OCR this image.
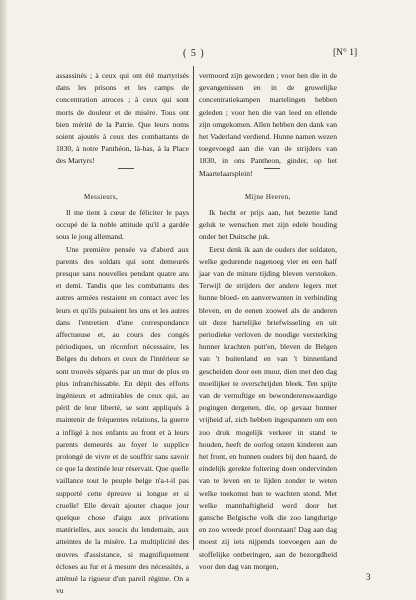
( 5 )	[N° 1]

assassinés ; à ceux qui ont été martyrisés dans les prisons et les camps de concentration atroces ; à ceux qui sont morts de douleur et de misère. Tous ont bien mérité de la Patrie. Que leurs noms soient ajoutés à ceux des combattants de 1830, à notre Panthéon, là-bas, à la Place des Martyrs!

vermoord zijn geworden ; voor hen die in de gevangenissen en in de gruwelijke concentratiekampen martelingen hebben geleden ; voor hen die van leed en ellende zijn omgekomen. Allen hebben den dank van het Vaderland verdiend. Hunne namen wezen toegevoegd aan die van de strijders van 1830, in ons Pantheon, ginder, op het Maartelaarsplein!

Messieurs,	Mijne Heeren,

Il me tient à cœur de féliciter le pays occupé de la noble attitude qu'il a gardée sous le joug allemand.

Une première pensée va d'abord aux parents des soldats qui sont demeurés presque sans nouvelles pendant quatre ans et demi. Tandis que les combattants des autres armées restaient en contact avec les leurs et qu'ils puisaient les uns et les autres dans l'entretien d'une correspondance affectueuse et, au cours des congés périodiques, un réconfort nécessaire, les Belges du dehors et ceux de l'intérieur se sont trouvés séparés par un mur de plus en plus infranchissable. En dépit des efforts ingénieux et admirables de ceux qui, au péril de leur liberté, se sont appliqués à maintenir de fréquentes relations, la guerre a infligé à nos enfants au front et à leurs parents demeurés au foyer le supplice prolongé de vivre et de souffrir sans savoir ce que la destinée leur réservait. Que quelle vaillance tout le peuple belge n'a-t-il pas supporté cette épreuve si longue et si cruelle! Elle devait ajouter chaque jour quelque chose d'aigu aux privations matérielles, aux soucis du lendemain, aux atteintes de la misère. La multiplicité des œuvres d'assistance, si magnifiquement écloses au fur et à mesure des nécessités, a atténué la rigueur d'un pareil régime. On a vu

Ik hecht er prijs aan, het bezette land geluk te wenschen met zijn edele houding onder het Duitsche juk.

Eerst denk ik aan de ouders der soldaten, welke gedurende nagenoeg vier en een half jaar van de minste tijding bleven verstoken. Terwijl de strijders der andere legers met hunne bloed- en aanverwanten in verbinding bleven, en de eenen zoowel als de anderen uit deze hartelijke briefwisseling en uit periodieke verloven de noodige versterking hunner krachten putt'en, bleven de Belgen van 't buitenland en van 't binnenland gescheiden door een muur, dien met den dag moeilijker te overschrijden bleek. Ten spijte van de vernuftige en bewonderenswaardige pogingen dergenen, die, op gevaar hunner vrijheid af, zich hebben ingespannen om een zoo druk mogelijk verkeer in stand te houden, heeft de oorlog onzen kinderen aan het front, en hunnen ouders bij den haard, de eindelijk gerekte foltering doen ondervinden van te leven en te lijden zonder te weten welke toekomst hun te wachten stond. Met welke mannhaftigheid werd door het gansche Belgische volk die zoo langdurige en zoo wreede proef doorstaan! Dag aan dag moest zij iets nijpends toevoegen aan de stoffelijke ontberingen, aan de bezorgdheid voor den dag van morgen,

3
